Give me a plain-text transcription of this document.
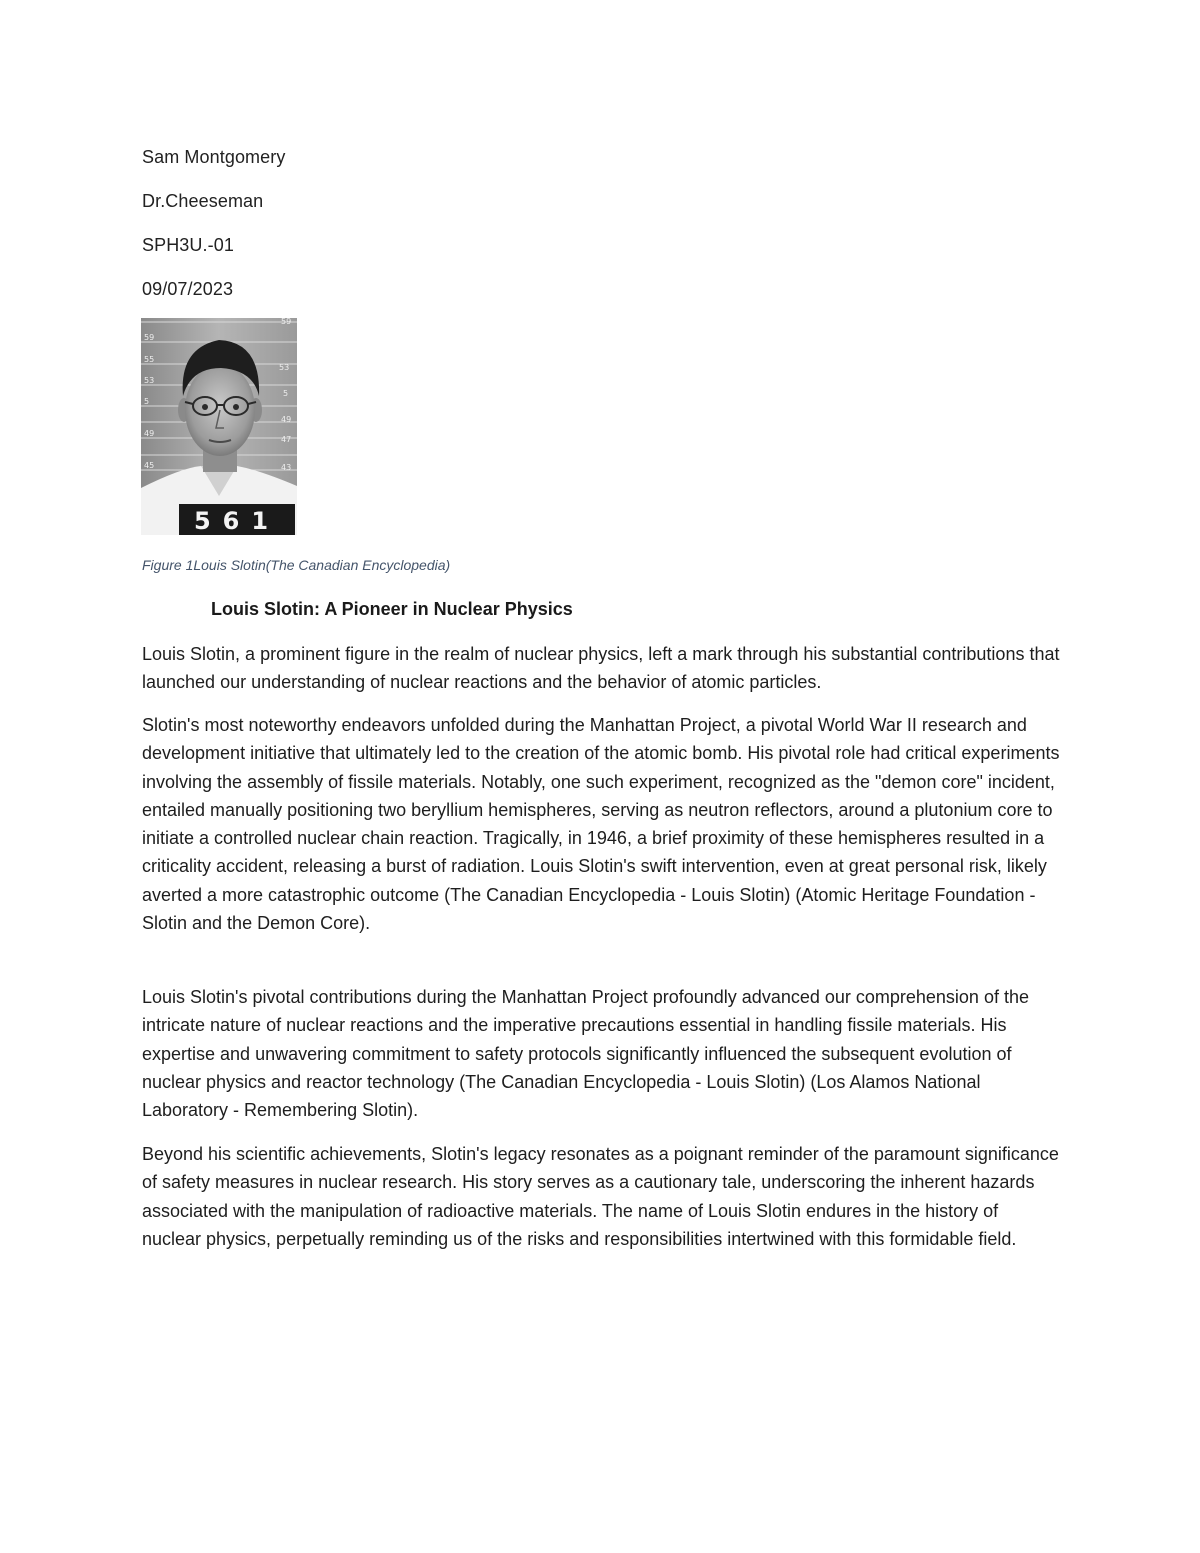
Sam Montgomery
Dr.Cheeseman
SPH3U.-01
09/07/2023
59
55
53
5
49
45
59
53
5
49
47
43
561
Figure 1Louis Slotin(The Canadian Encyclopedia)
Louis Slotin: A Pioneer in Nuclear Physics

Louis Slotin, a prominent figure in the realm of nuclear physics, left a mark through his substantial contributions that launched our understanding of nuclear reactions and the behavior of atomic particles.

Slotin's most noteworthy endeavors unfolded during the Manhattan Project, a pivotal World War II research and development initiative that ultimately led to the creation of the atomic bomb. His pivotal role had critical experiments involving the assembly of fissile materials. Notably, one such experiment, recognized as the "demon core" incident, entailed manually positioning two beryllium hemispheres, serving as neutron reflectors, around a plutonium core to initiate a controlled nuclear chain reaction. Tragically, in 1946, a brief proximity of these hemispheres resulted in a criticality accident, releasing a burst of radiation. Louis Slotin's swift intervention, even at great personal risk, likely averted a more catastrophic outcome (The Canadian Encyclopedia - Louis Slotin) (Atomic Heritage Foundation - Slotin and the Demon Core).

Louis Slotin's pivotal contributions during the Manhattan Project profoundly advanced our comprehension of the intricate nature of nuclear reactions and the imperative precautions essential in handling fissile materials. His expertise and unwavering commitment to safety protocols significantly influenced the subsequent evolution of nuclear physics and reactor technology (The Canadian Encyclopedia - Louis Slotin) (Los Alamos National Laboratory - Remembering Slotin).

Beyond his scientific achievements, Slotin's legacy resonates as a poignant reminder of the paramount significance of safety measures in nuclear research. His story serves as a cautionary tale, underscoring the inherent hazards associated with the manipulation of radioactive materials. The name of Louis Slotin endures in the history of nuclear physics, perpetually reminding us of the risks and responsibilities intertwined with this formidable field.
